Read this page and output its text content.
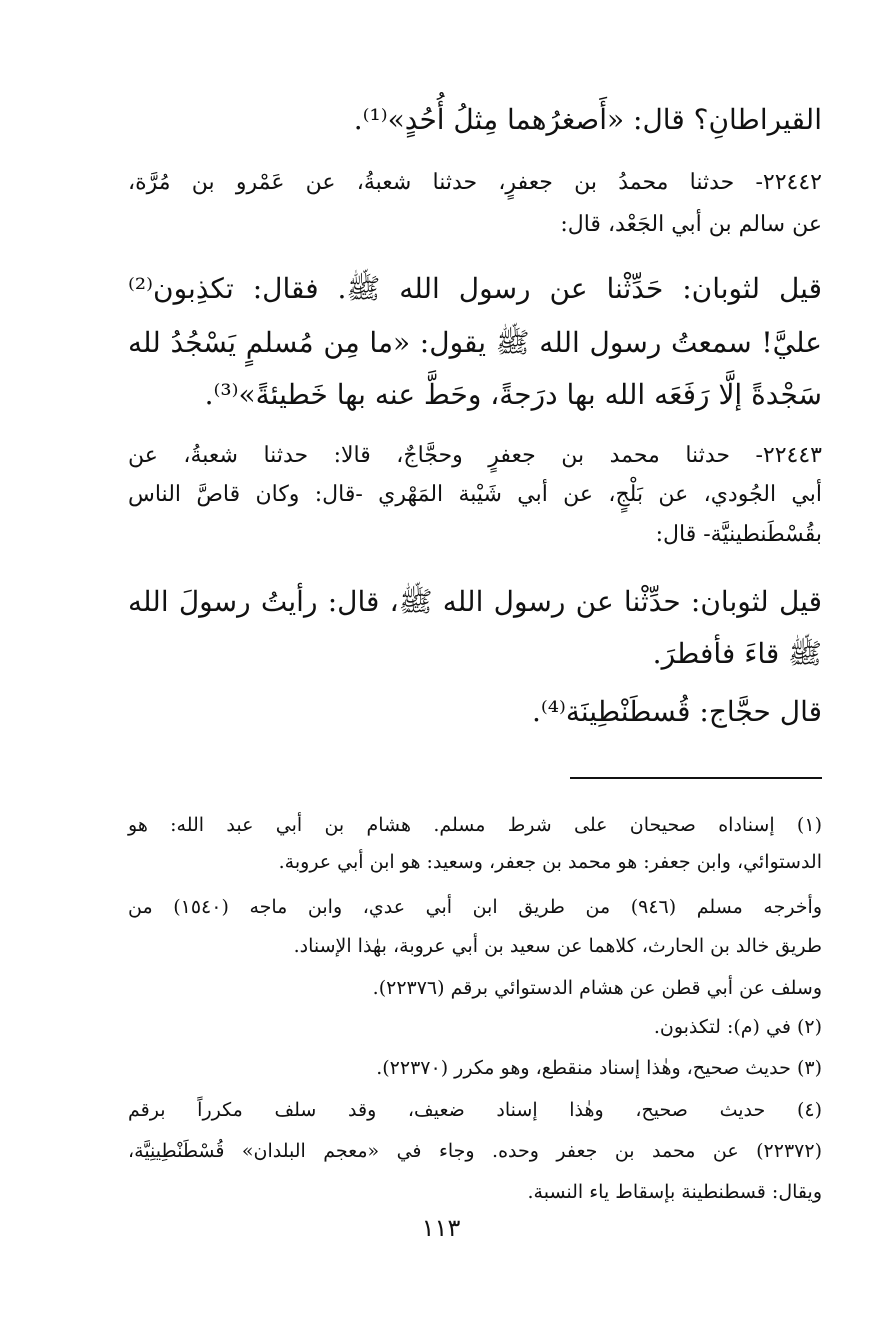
القيراطانِ؟ قال: «أَصغرُهما مِثلُ أُحُدٍ»⁽¹⁾.
٢٢٤٤٢- حدثنا محمدُ بن جعفرٍ، حدثنا شعبةُ، عن عَمْرو بن مُرَّة،
عن سالم بن أبي الجَعْد، قال:
قيل لثوبان: حَدِّثْنا عن رسول الله ﷺ. فقال: تكذِبون⁽²⁾
عليَّ! سمعتُ رسول الله ﷺ يقول: «ما مِن مُسلمٍ يَسْجُدُ لله
سَجْدةً إلَّا رَفَعَه الله بها درَجةً، وحَطَّ عنه بها خَطيئةً»⁽³⁾.
٢٢٤٤٣- حدثنا محمد بن جعفرٍ وحجَّاجٌ، قالا: حدثنا شعبةُ، عن
أبي الجُودي، عن بَلْجٍ، عن أبي شَيْبة المَهْري -قال: وكان قاصَّ الناس
بقُسْطَنطينيَّة- قال:
قيل لثوبان: حدِّثْنا عن رسول الله ﷺ، قال: رأيتُ رسولَ الله
ﷺ قاءَ فأفطرَ.
قال حجَّاج: قُسطَنْطِينَة⁽⁴⁾.
(١) إسناداه صحيحان على شرط مسلم. هشام بن أبي عبد الله: هو
الدستوائي، وابن جعفر: هو محمد بن جعفر، وسعيد: هو ابن أبي عروبة.
وأخرجه مسلم (٩٤٦) من طريق ابن أبي عدي، وابن ماجه (١٥٤٠) من
طريق خالد بن الحارث، كلاهما عن سعيد بن أبي عروبة، بهٰذا الإسناد.
وسلف عن أبي قطن عن هشام الدستوائي برقم (٢٢٣٧٦).
(٢) في (م): لتكذبون.
(٣) حديث صحيح، وهٰذا إسناد منقطع، وهو مكرر (٢٢٣٧٠).
(٤) حديث صحيح، وهٰذا إسناد ضعيف، وقد سلف مكرراً برقم
(٢٢٣٧٢) عن محمد بن جعفر وحده. وجاء في «معجم البلدان» قُسْطَنْطِينِيَّة،
ويقال: قسطنطينة بإسقاط ياء النسبة.
١١٣
